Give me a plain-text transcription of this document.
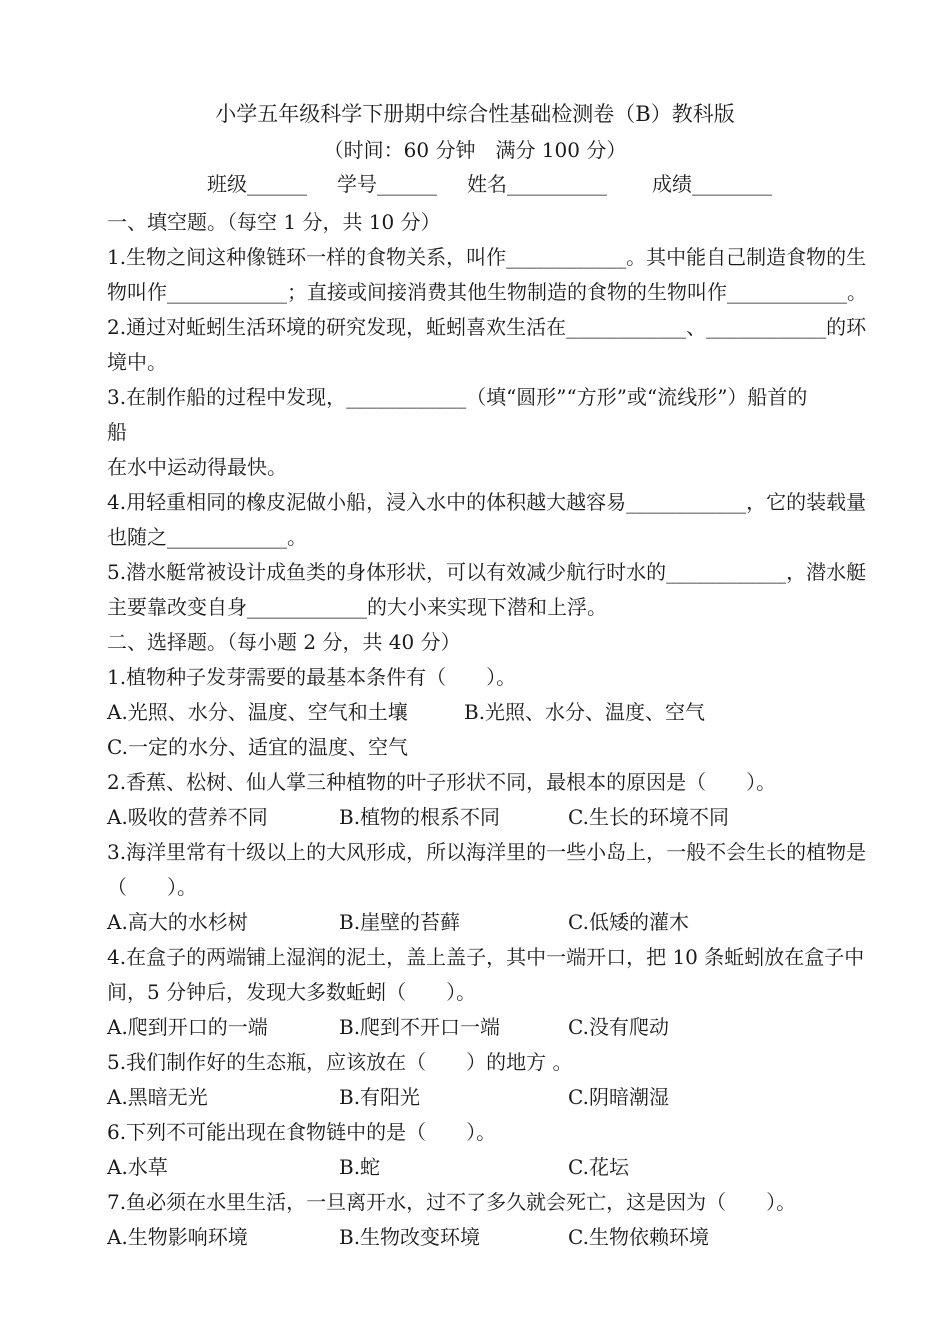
小学五年级科学下册期中综合性基础检测卷（B）教科版
（时间：60 分钟　满分 100 分）
班级______ 学号______ 姓名__________ 成绩________
一、填空题。（每空 1 分，共 10 分）
1.生物之间这种像链环一样的食物关系，叫作____________。其中能自己制造食物的生
物叫作____________；直接或间接消费其他生物制造的食物的生物叫作____________。
2.通过对蚯蚓生活环境的研究发现，蚯蚓喜欢生活在____________、____________的环
境中。
3.在制作船的过程中发现，____________（填“圆形”“方形”或“流线形”）船首的
船
在水中运动得最快。
4.用轻重相同的橡皮泥做小船，浸入水中的体积越大越容易____________，它的装载量
也随之____________。
5.潜水艇常被设计成鱼类的身体形状，可以有效减少航行时水的____________，潜水艇
主要靠改变自身____________的大小来实现下潜和上浮。
二、选择题。（每小题 2 分，共 40 分）
1.植物种子发芽需要的最基本条件有（　　）。
A.光照、水分、温度、空气和土壤	B.光照、水分、温度、空气
C.一定的水分、适宜的温度、空气
2.香蕉、松树、仙人掌三种植物的叶子形状不同，最根本的原因是（　　）。
A.吸收的营养不同	B.植物的根系不同	C.生长的环境不同
3.海洋里常有十级以上的大风形成，所以海洋里的一些小岛上，一般不会生长的植物是
（　　）。
A.高大的水杉树	B.崖壁的苔藓	C.低矮的灌木
4.在盒子的两端铺上湿润的泥土，盖上盖子，其中一端开口，把 10 条蚯蚓放在盒子中
间，5 分钟后，发现大多数蚯蚓（　　）。
A.爬到开口的一端	B.爬到不开口一端	C.没有爬动
5.我们制作好的生态瓶，应该放在（　　）的地方 。
A.黑暗无光	B.有阳光	C.阴暗潮湿
6.下列不可能出现在食物链中的是（　　）。
A.水草	B.蛇	C.花坛
7.鱼必须在水里生活，一旦离开水，过不了多久就会死亡，这是因为（　　）。
A.生物影响环境	B.生物改变环境	C.生物依赖环境
